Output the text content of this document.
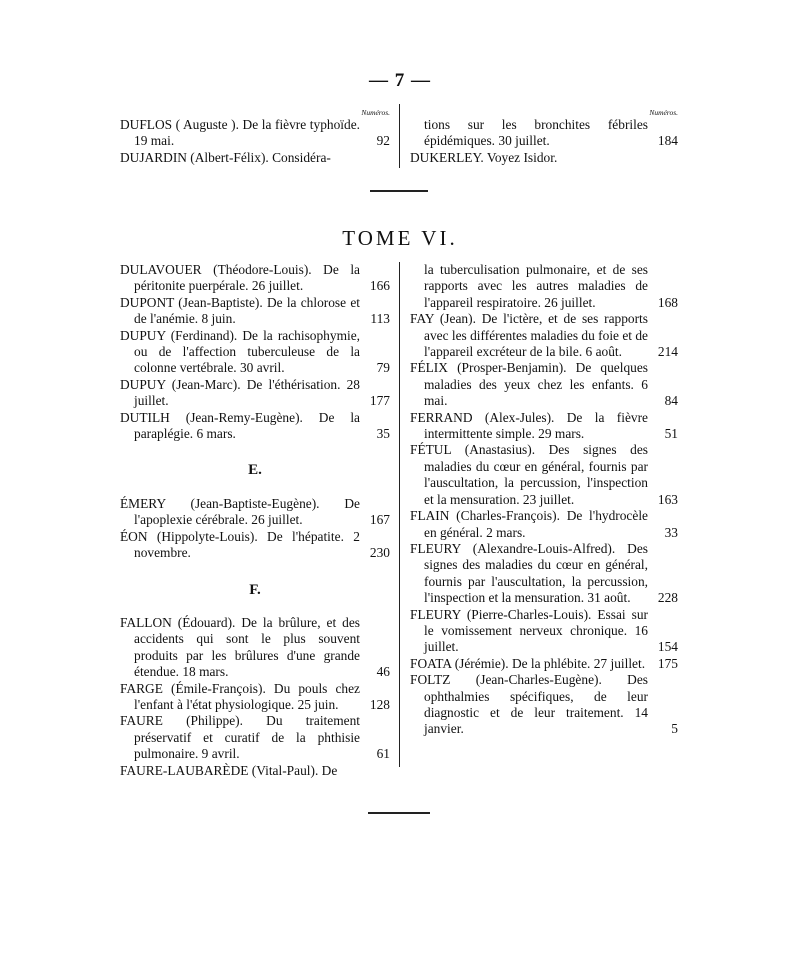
— 7 —
Numéros.
DUFLOS ( Auguste ). De la fièvre typhoïde. 19 mai.	92
DUJARDIN (Albert-Félix). Considéra-
Numéros.
tions sur les bronchites fébriles épidémiques. 30 juillet.	184
DUKERLEY. Voyez Isidor.
TOME VI.
DULAVOUER (Théodore-Louis). De la péritonite puerpérale. 26 juillet.	166
DUPONT (Jean-Baptiste). De la chlorose et de l'anémie. 8 juin.	113
DUPUY (Ferdinand). De la rachisophymie, ou de l'affection tuberculeuse de la colonne vertébrale. 30 avril.	79
DUPUY (Jean-Marc). De l'éthérisation. 28 juillet.	177
DUTILH (Jean-Remy-Eugène). De la paraplégie. 6 mars.	35
E.
ÉMERY (Jean-Baptiste-Eugène). De l'apoplexie cérébrale. 26 juillet.	167
ÉON (Hippolyte-Louis). De l'hépatite. 2 novembre.	230
F.
FALLON (Édouard). De la brûlure, et des accidents qui sont le plus souvent produits par les brûlures d'une grande étendue. 18 mars.	46
FARGE (Émile-François). Du pouls chez l'enfant à l'état physiologique. 25 juin. 128
FAURE (Philippe). Du traitement préservatif et curatif de la phthisie pulmonaire. 9 avril.	61
FAURE-LAUBARÈDE (Vital-Paul). De
la tuberculisation pulmonaire, et de ses rapports avec les autres maladies de l'appareil respiratoire. 26 juillet.	168
FAY (Jean). De l'ictère, et de ses rapports avec les différentes maladies du foie et de l'appareil excréteur de la bile. 6 août.	214
FÉLIX (Prosper-Benjamin). De quelques maladies des yeux chez les enfants. 6 mai.	84
FERRAND (Alex-Jules). De la fièvre intermittente simple. 29 mars.	51
FÉTUL (Anastasius). Des signes des maladies du cœur en général, fournis par l'auscultation, la percussion, l'inspection et la mensuration. 23 juillet.	163
FLAIN (Charles-François). De l'hydrocèle en général. 2 mars.	33
FLEURY (Alexandre-Louis-Alfred). Des signes des maladies du cœur en général, fournis par l'auscultation, la percussion, l'inspection et la mensuration. 31 août. 228
FLEURY (Pierre-Charles-Louis). Essai sur le vomissement nerveux chronique. 16 juillet.	154
FOATA (Jérémie). De la phlébite. 27 juillet. 175
FOLTZ (Jean-Charles-Eugène). Des ophthalmies spécifiques, de leur diagnostic et de leur traitement. 14 janvier.	5
